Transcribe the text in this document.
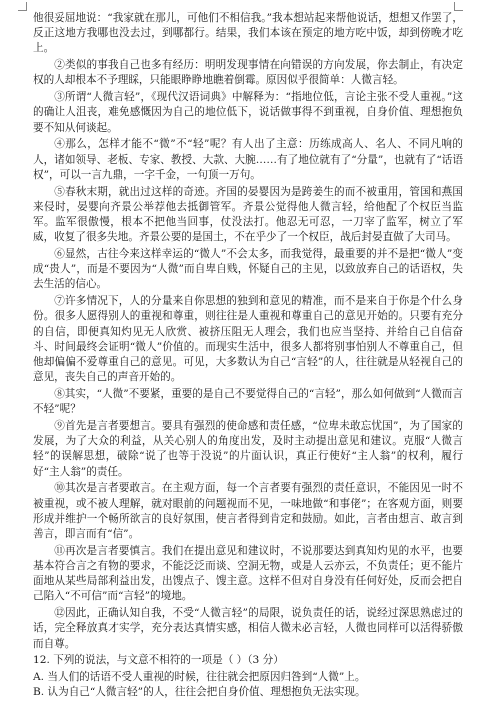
他很妥屈地说：“我家就在那儿，可他们不相信我。”我本想站起来帮他说话，想想又作罢了，反正这地方我哪也没去过，到哪都行。结果，我们本该在预定的地方吃中饭，却到傍晚才吃上。

②类似的事我自己也多有经历：明明发现事情在向错误的方向发展，你去制止，有决定权的人却根本不予理睬，只能眼睁睁地瞧着倒霉。原因似乎很简单：人微言轻。

③所谓“人微言轻”，《现代汉语词典》中解释为：“指地位低，言论主张不受人重视。”这的确让人沮丧，难免感慨因为自己的地位低下，说话做事得不到重视，自身价值、理想抱负要不知从何谈起。

④那么，怎样才能不“微”不“轻”呢？有人出了主意：历练成高人、名人、不同凡响的人，诸如领导、老板、专家、教授、大款、大腕……有了地位就有了“分量”，也就有了“话语权”，可以一言九鼎，一字千金，一句顶一万句。

⑤春秋末期，就出过这样的奇迹。齐国的晏婴因为是跨姜生的而不被重用，管国和燕国来侵时，晏婴向齐景公举荐他去抵御管军。齐景公觉得他人微言轻，给他配了个权臣当监军。监军很傲慢，根本不把他当回事，仗没法打。他忍无可忍，一刀宰了监军，树立了军威，收复了很多失地。齐景公要的是国土，不在乎少了一个权臣，战后封晏直做了大司马。

⑥显然，古往今来这样幸运的“微人”不会太多，而我觉得，最重要的并不是把“微人”变成“贵人”，而是不要因为“人微”而自卑自贱，怀疑自己的主见，以致放弃自己的话语权，失去生活的信心。

⑦许多情况下，人的分量来自你思想的独到和意见的精准，而不是来自于你是个什么身份。很多人愿得别人的重视和尊重，则往往是人重视和尊重自己的意见开始的。只要有充分的自信，即便真知灼见无人欣赏、被挤压阻无人理会，我们也应当坚持、并给自己自信奋斗、时间最终会证明“微人”价值的。而现实生活中，很多人都将别事怕别人不尊重自己，但他却偏偏不爱尊重自己的意见。可见，大多数认为自己“言轻”的人，往往就是从轻视自己的意见，丧失自己的声音开始的。

⑧其实，“人微”不要紧，重要的是自己不要觉得自己的“言轻”，那么如何做到“人微而言不轻”呢？

⑨首先是言者要想言。要具有强烈的使命感和责任感，“位卑未敢忘忧国”，为了国家的发展，为了大众的利益，从关心别人的角度出发，及时主动提出意见和建议。克服“人微言轻”的误解思想，破除“说了也等于没说”的片面认识，真正行使好“主人翁”的权利，履行好“主人翁”的责任。

⑩其次是言者要敢言。在主观方面，每一个言者要有强烈的责任意识，不能因见一时不被重视，或不被人理解，就对眼前的问题视而不见，一味地做“和事佬”；在客观方面，则要形成并维护一个畅所欲言的良好氛围，使言者得到肯定和鼓励。如此，言者由想言、敢言到善言，即言而有“信”。

⑪再次是言者要慎言。我们在提出意见和建议时，不说那要达到真知灼见的水平，也要基本符合言之有物的要求，不能泛泛而谈、空洞无物，或是人云亦云，不负责任；更不能片面地从某些局部利益出发，出馊点子、馊主意。这样不但对自身没有任何好处，反而会把自己陷入“不可信”而“言轻”的境地。

⑫因此，正确认知自我，不受“人微言轻”的局限，说负责任的话，说经过深思熟虑过的话，完全释放真才实学，充分表达真情实感，相信人微未必言轻，人微也同样可以活得骄傲而自尊。

12. 下列的说法，与文意不相符的一项是（ ）（3 分）

A. 当人们的话语不受人重视的时候，往往就会把原因归咎到“人微”上。

B. 认为自己“人微言轻”的人，往往会把自身价值、理想抱负无法实现。
